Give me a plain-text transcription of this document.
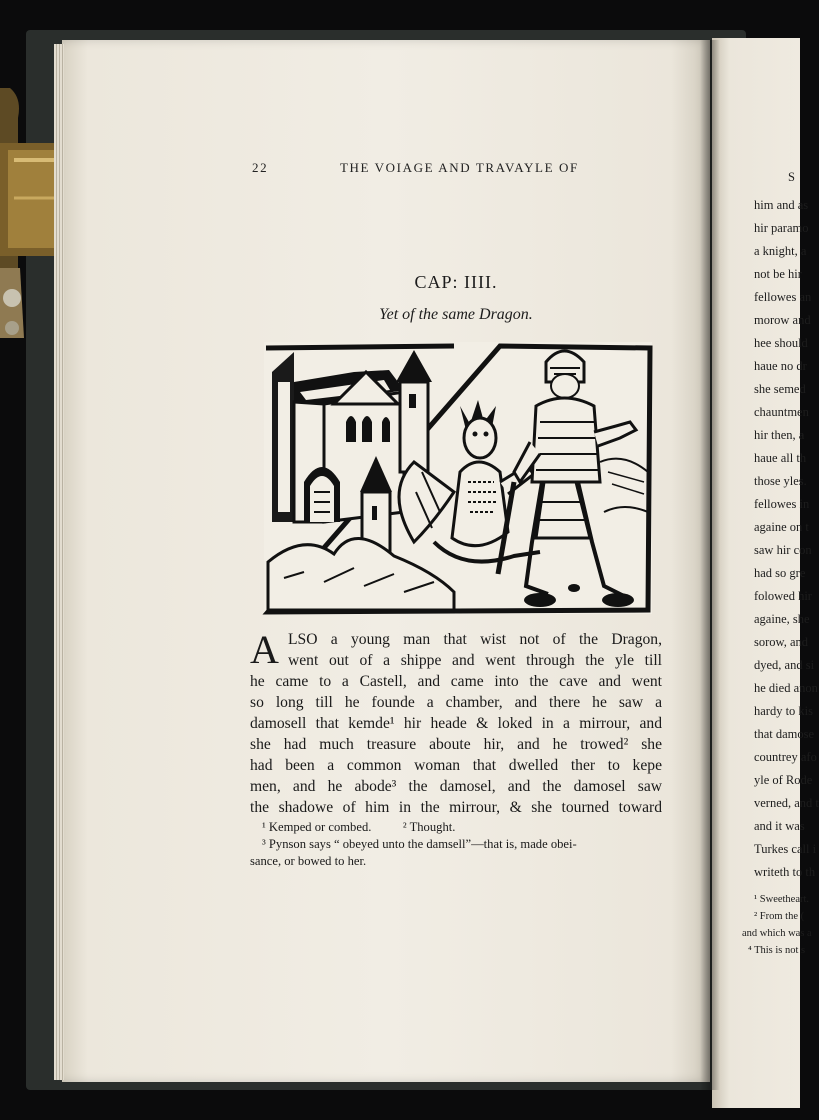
S
him and as
hir paramo
a knight, a
not be hir
fellowes an
morow and
hee should
haue no dr
she semed
chauntmen
hir then, a
haue all th
those yles.
fellowes in
againe on t
saw hir con
had so gre
folowed hir
againe, she
sorow, and
dyed, and si
he died anon
hardy to kis
that damose
countrey afo
yle of Rode
verned, and t
and it was
Turkes call i
writeth to th
¹ Sweetheart.
² From the (
and which was a
⁴ This is not s
22	THE VOIAGE AND TRAVAYLE OF
CAP: IIII.
Yet of the same Dragon.
A LSO a young man that wist not of the Dragon,
went out of a shippe and went through the yle till
he came to a Castell, and came into the cave and went
so long till he founde a chamber, and there he saw a
damosell that kemde¹ hir heade & loked in a mirrour, and
she had much treasure aboute hir, and he trowed² she
had been a common woman that dwelled ther to kepe
men, and he abode³ the damosel, and the damosel saw
the shadowe of him in the mirrour, & she tourned toward
¹ Kemped or combed.          ² Thought.
³ Pynson says “ obeyed unto the damsell”—that is, made obei-
sance, or bowed to her.
